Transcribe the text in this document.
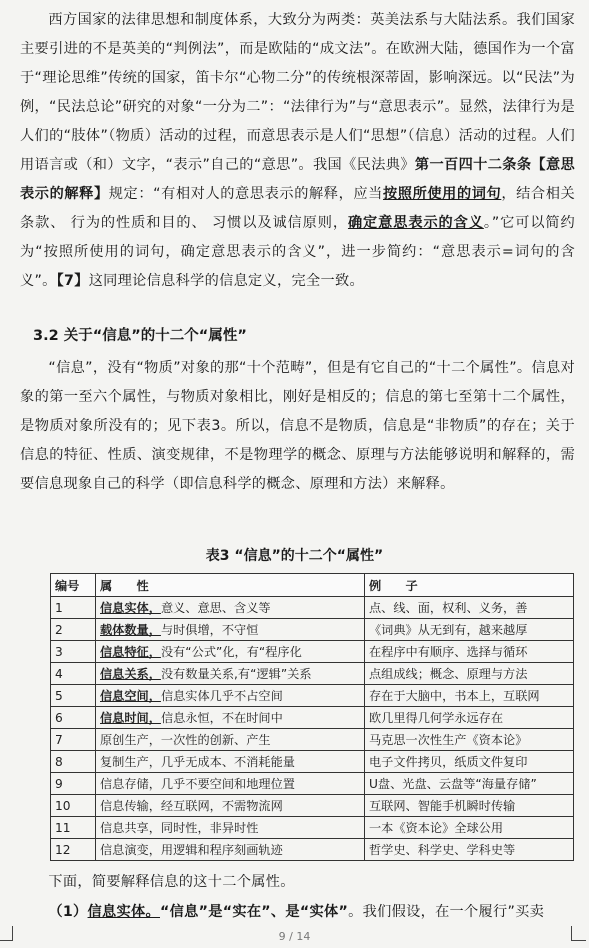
西方国家的法律思想和制度体系，大致分为两类：英美法系与大陆法系。我们国家主要引进的不是英美的“判例法”，而是欧陆的“成文法”。在欧洲大陆，德国作为一个富于“理论思维”传统的国家，笛卡尔“心物二分”的传统根深蒂固，影响深远。以“民法”为例，“民法总论”研究的对象“一分为二”：“法律行为”与“意思表示”。显然，法律行为是人们的“肢体”（物质）活动的过程，而意思表示是人们“思想”（信息）活动的过程。人们用语言或（和）文字，“表示”自己的“意思”。我国《民法典》第一百四十二条条【意思表示的解释】规定：“有相对人的意思表示的解释，应当按照所使用的词句，结合相关条款、 行为的性质和目的、 习惯以及诚信原则，确定意思表示的含义。”它可以简约为“按照所使用的词句，确定意思表示的含义”，进一步简约：“意思表示=词句的含义”。【7】这同理论信息科学的信息定义，完全一致。

3.2 关于“信息”的十二个“属性”

“信息”，没有“物质”对象的那“十个范畴”，但是有它自己的“十二个属性”。信息对象的第一至六个属性，与物质对象相比，刚好是相反的；信息的第七至第十二个属性，是物质对象所没有的；见下表3。所以，信息不是物质，信息是“非物质”的存在；关于信息的特征、性质、演变规律，不是物理学的概念、原理与方法能够说明和解释的，需要信息现象自己的科学（即信息科学的概念、原理和方法）来解释。

表3 “信息”的十二个“属性”

编号	属　　性	例　　子
1	信息实体，意义、意思、含义等	点、线、面，权利、义务，善
2	载体数量，与时俱增，不守恒	《词典》从无到有，越来越厚
3	信息特征，没有“公式”化，有“程序化	在程序中有顺序、选择与循环
4	信息关系，没有数量关系,有“逻辑”关系	点组成线；概念、原理与方法
5	信息空间，信息实体几乎不占空间	存在于大脑中，书本上，互联网
6	信息时间，信息永恒，不在时间中	欧几里得几何学永远存在
7	原创生产，一次性的创新、产生	马克思一次性生产《资本论》
8	复制生产，几乎无成本、不消耗能量	电子文件拷贝，纸质文件复印
9	信息存储，几乎不要空间和地理位置	U盘、光盘、云盘等“海量存储”
10	信息传输，经互联网，不需物流网	互联网、智能手机瞬时传输
11	信息共享，同时性，非异时性	一本《资本论》全球公用
12	信息演变，用逻辑和程序刻画轨迹	哲学史、科学史、学科史等

下面，简要解释信息的这十二个属性。

（1）信息实体。“信息”是“实在”、是“实体”。我们假设，在一个履行”买卖

9 / 14
